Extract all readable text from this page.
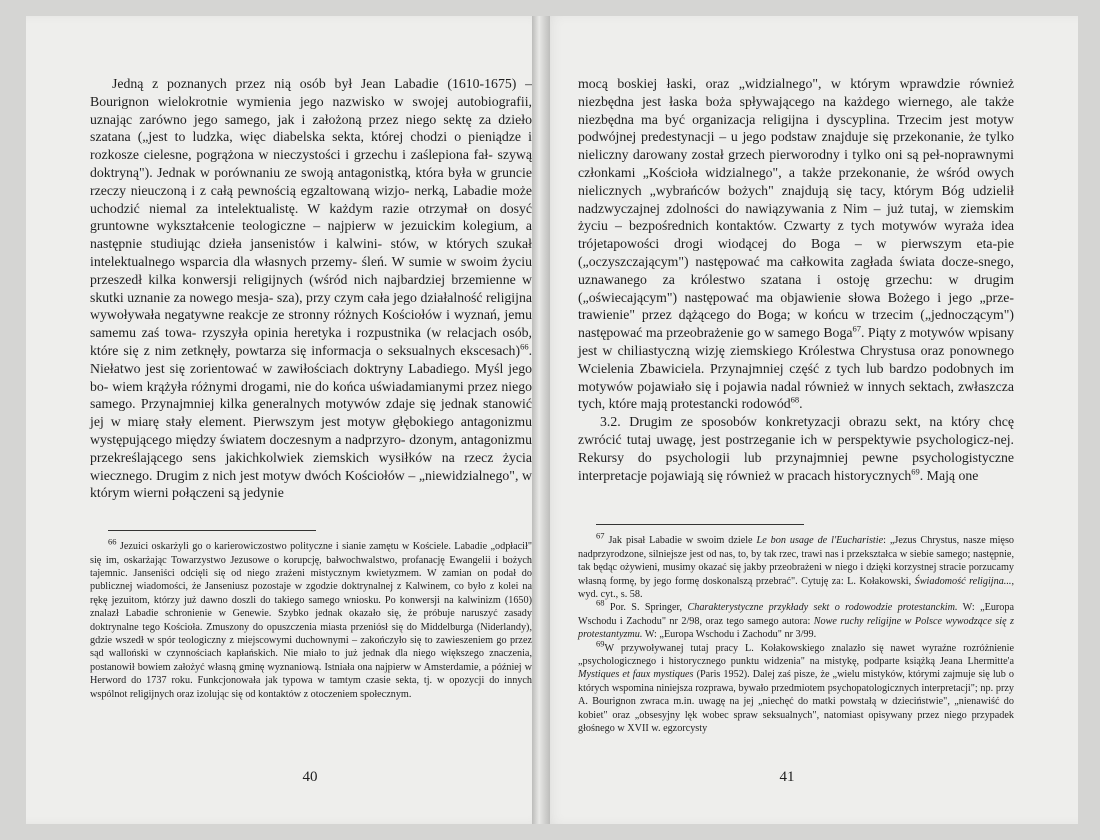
Jedną z poznanych przez nią osób był Jean Labadie (1610-1675) – Bourignon wielokrotnie wymienia jego nazwisko w swojej autobiografii, uznając zarówno jego samego, jak i założoną przez niego sektę za dzieło szatana („jest to ludzka, więc diabelska sekta, której chodzi o pieniądze i rozkosze cielesne, pogrążona w nieczystości i grzechu i zaślepiona fał- szywą doktryną"). Jednak w porównaniu ze swoją antagonistką, która była w gruncie rzeczy nieuczoną i z całą pewnością egzaltowaną wizjo- nerką, Labadie może uchodzić niemal za intelektualistę. W każdym razie otrzymał on dosyć gruntowne wykształcenie teologiczne – najpierw w jezuickim kolegium, a następnie studiując dzieła jansenistów i kalwini- stów, w których szukał intelektualnego wsparcia dla własnych przemy- śleń. W sumie w swoim życiu przeszedł kilka konwersji religijnych (wśród nich najbardziej brzemienne w skutki uznanie za nowego mesja- sza), przy czym cała jego działalność religijna wywoływała negatywne reakcje ze stronny różnych Kościołów i wyznań, jemu samemu zaś towa- rzyszyła opinia heretyka i rozpustnika (w relacjach osób, które się z nim zetknęły, powtarza się informacja o seksualnych ekscesach)$^{66}$. Niełatwo jest się zorientować w zawiłościach doktryny Labadiego. Myśl jego bo- wiem krążyła różnymi drogami, nie do końca uświadamianymi przez niego samego. Przynajmniej kilka generalnych motywów zdaje się jednak stanowić jej w miarę stały element. Pierwszym jest motyw głębokiego antagonizmu występującego między światem doczesnym a nadprzyro- dzonym, antagonizmu przekreślającego sens jakichkolwiek ziemskich wysiłków na rzecz życia wiecznego. Drugim z nich jest motyw dwóch Kościołów – „niewidzialnego", w którym wierni połączeni są jedynie

$^{66}$ Jezuici oskarżyli go o karierowiczostwo polityczne i sianie zamętu w Kościele. Labadie „odpłacił" się im, oskarżając Towarzystwo Jezusowe o korupcję, bałwochwalstwo, profanację Ewangelii i bożych tajemnic. Janseniści odcięli się od niego zrażeni mistycznym kwietyzmem. W zamian on podał do publicznej wiadomości, że Janseniusz pozostaje w zgodzie doktrynalnej z Kalwinem, co było z kolei na rękę jezuitom, którzy już dawno doszli do takiego samego wniosku. Po konwersji na kalwinizm (1650) znalazł Labadie schronienie w Genewie. Szybko jednak okazało się, że próbuje naruszyć zasady doktrynalne tego Kościoła. Zmuszony do opuszczenia miasta przeniósł się do Middelburga (Niderlandy), gdzie wszedł w spór teologiczny z miejscowymi duchownymi – zakończyło się to zawieszeniem go przez sąd walloński w czynnościach kapłańskich. Nie miało to już jednak dla niego większego znaczenia, postanowił bowiem założyć własną gminę wyznaniową. Istniała ona najpierw w Amsterdamie, a później w Herword do 1737 roku. Funkcjonowała jak typowa w tamtym czasie sekta, tj. w opozycji do innych wspólnot religijnych oraz izolując się od kontaktów z otoczeniem społecznym.

40

mocą boskiej łaski, oraz „widzialnego", w którym wprawdzie również niezbędna jest łaska boża spływającego na każdego wiernego, ale także niezbędna ma być organizacja religijna i dyscyplina. Trzecim jest motyw podwójnej predestynacji – u jego podstaw znajduje się przekonanie, że tylko nieliczny darowany został grzech pierworodny i tylko oni są peł-noprawnymi członkami „Kościoła widzialnego", a także przekonanie, że wśród owych nielicznych „wybrańców bożych" znajdują się tacy, którym Bóg udzielił nadzwyczajnej zdolności do nawiązywania z Nim – już tutaj, w ziemskim życiu – bezpośrednich kontaktów. Czwarty z tych motywów wyraża idea trójetapowości drogi wiodącej do Boga – w pierwszym eta-pie („oczyszczającym") następować ma całkowita zagłada świata docze-snego, uznawanego za królestwo szatana i ostoję grzechu: w drugim („oświecającym") następować ma objawienie słowa Bożego i jego „prze-trawienie" przez dążącego do Boga; w końcu w trzecim („jednoczącym") następować ma przeobrażenie go w samego Boga$^{67}$. Piąty z motywów wpisany jest w chiliastyczną wizję ziemskiego Królestwa Chrystusa oraz ponownego Wcielenia Zbawiciela. Przynajmniej część z tych lub bardzo podobnych im motywów pojawiało się i pojawia nadal również w innych sektach, zwłaszcza tych, które mają protestancki rodowód$^{68}$.

3.2. Drugim ze sposobów konkretyzacji obrazu sekt, na który chcę zwrócić tutaj uwagę, jest postrzeganie ich w perspektywie psychologicz-nej. Rekursy do psychologii lub przynajmniej pewne psychologistyczne interpretacje pojawiają się również w pracach historycznych$^{69}$. Mają one

$^{67}$ Jak pisał Labadie w swoim dziele Le bon usage de l'Eucharistie: „Jezus Chrystus, nasze mięso nadprzyrodzone, silniejsze jest od nas, to, by tak rzec, trawi nas i przekształca w siebie samego; następnie, tak będąc ożywieni, musimy okazać się jakby przeobrażeni w niego i dzięki korzystnej stracie porzucamy własną formę, by jego formę doskonalszą przebrać". Cytuję za: L. Kołakowski, Świadomość religijna..., wyd. cyt., s. 58.

$^{68}$ Por. S. Springer, Charakterystyczne przykłady sekt o rodowodzie protestanckim. W: „Europa Wschodu i Zachodu" nr 2/98, oraz tego samego autora: Nowe ruchy religijne w Polsce wywodzące się z protestantyzmu. W: „Europa Wschodu i Zachodu" nr 3/99.

$^{69}$W przywoływanej tutaj pracy L. Kołakowskiego znalazło się nawet wyraźne rozróżnienie „psychologicznego i historycznego punktu widzenia" na mistykę, podparte książką Jeana Lhermitte'a Mystiques et faux mystiques (Paris 1952). Dalej zaś pisze, że „wielu mistyków, którymi zajmuje się lub o których wspomina niniejsza rozprawa, bywało przedmiotem psychopatologicznych interpretacji"; np. przy A. Bourignon zwraca m.in. uwagę na jej „niechęć do matki powstałą w dzieciństwie", „nienawiść do kobiet" oraz „obsesyjny lęk wobec spraw seksualnych", natomiast opisywany przez niego przypadek głośnego w XVII w. egzorcysty

41
